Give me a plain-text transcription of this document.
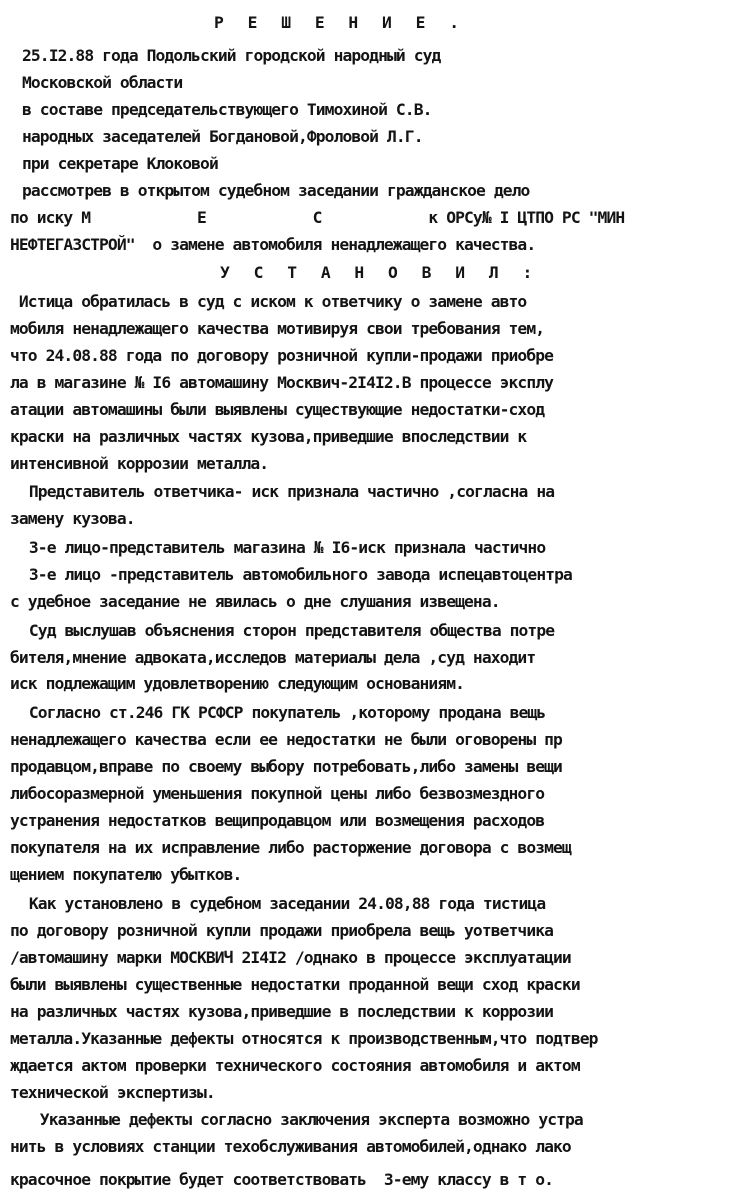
Р Е Ш Е Н И Е .
25.I2.88 года Подольский городской народный суд
Московской области
в составе председательствующего Тимохиной С.В.
народных заседателей Богдановой,Фроловой Л.Г.
при секретаре Клоковой
рассмотрев в открытом судебном заседании гражданское дело
по иску М            Е            С            к ОРСу№ I ЦТПО РС "МИН
НЕФТЕГАЗСТРОЙ"  о замене автомобиля ненадлежащего качества.
У С Т А Н О В И Л :
Истица обратилась в суд с иском к ответчику о замене авто
мобиля ненадлежащего качества мотивируя свои требования тем,
что 24.08.88 года по договору розничной купли-продажи приобре
ла в магазине № I6 автомашину Москвич-2I4I2.В процессе эксплу
атации автомашины были выявлены существующие недостатки-сход
краски на различных частях кузова,приведшие впоследствии к
интенсивной коррозии металла.
Представитель ответчика- иск признала частично ,согласна на
замену кузова.
3-е лицо-представитель магазина № I6-иск признала частично
3-е лицо -представитель автомобильного завода испецавтоцентра
с удебное заседание не явилась о дне слушания извещена.
Суд выслушав объяснения сторон представителя общества потре
бителя,мнение адвоката,исследов материалы дела ,суд находит
иск подлежащим удовлетворению следующим основаниям.
Согласно ст.246 ГК РСФСР покупатель ,которому продана вещь
ненадлежащего качества если ее недостатки не были оговорены пр
продавцом,вправе по своему выбору потребовать,либо замены вещи
либосоразмерной уменьшения покупной цены либо безвозмездного
устранения недостатков вещипродавцом или возмещения расходов
покупателя на их исправление либо расторжение договора с возмещ
щением покупателю убытков.
Как установлено в судебном заседании 24.08,88 года тистица
по договору розничной купли продажи приобрела вещь уответчика
/автомашину марки МОСКВИЧ 2I4I2 /однако в процессе эксплуатации
были выявлены существенные недостатки проданной вещи сход краски
на различных частях кузова,приведшие в последствии к коррозии
металла.Указанные дефекты относятся к производственным,что подтвер
ждается актом проверки технического состояния автомобиля и актом
технической экспертизы.
Указанные дефекты согласно заключения эксперта возможно устра
нить в условиях станции техобслуживания автомобилей,однако лако
красочное покрытие будет соответствовать  3-ему классу в т о.
